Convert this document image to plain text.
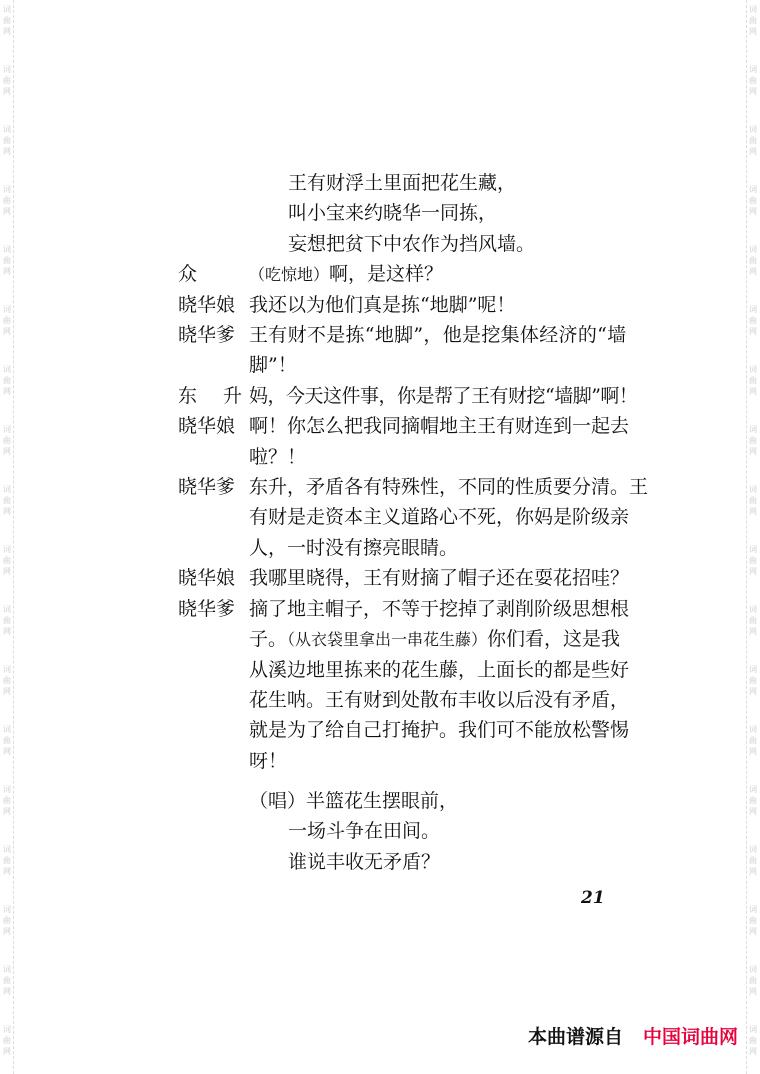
词
曲
网
词
曲
网
词
曲
网
词
曲
网
词
曲
网
词
曲
网
词
曲
网
词
曲
网
词
曲
网
词
曲
网
词
曲
网
词
曲
网
词
曲
网
词
曲
网
词
曲
网
词
曲
网
词
曲
网
词
曲
网
词
曲
网
词
曲
网
词
曲
网
词
曲
网
词
曲
网
词
曲
网
词
曲
网
词
曲
网
词
曲
网
词
曲
网
词
曲
网
词
曲
网
词
曲
网
词
曲
网
词
曲
网
词
曲
网
词
曲
网
词
曲
网
王有财浮土里面把花生藏，
叫小宝来约晓华一同拣，
妄想把贫下中农作为挡风墙。
众	（吃惊地）啊，是这样？
晓华娘 我还以为他们真是拣“地脚”呢！
晓华爹 王有财不是拣“地脚”，他是挖集体经济的“墙
脚”！
东升
妈，今天这件事，你是帮了王有财挖“墙脚”啊！
晓华娘 啊！你怎么把我同摘帽地主王有财连到一起去
啦？！
晓华爹 东升，矛盾各有特殊性，不同的性质要分清。王
有财是走资本主义道路心不死，你妈是阶级亲
人，一时没有擦亮眼睛。
晓华娘 我哪里晓得，王有财摘了帽子还在耍花招哇？
晓华爹 摘了地主帽子，不等于挖掉了剥削阶级思想根
子。（从衣袋里拿出一串花生藤）你们看，这是我
从溪边地里拣来的花生藤，上面长的都是些好
花生呐。王有财到处散布丰收以后没有矛盾，
就是为了给自己打掩护。我们可不能放松警惕
呀！
（唱）半篮花生摆眼前，
一场斗争在田间。
谁说丰收无矛盾？
21
本曲谱源自 中国词曲网
